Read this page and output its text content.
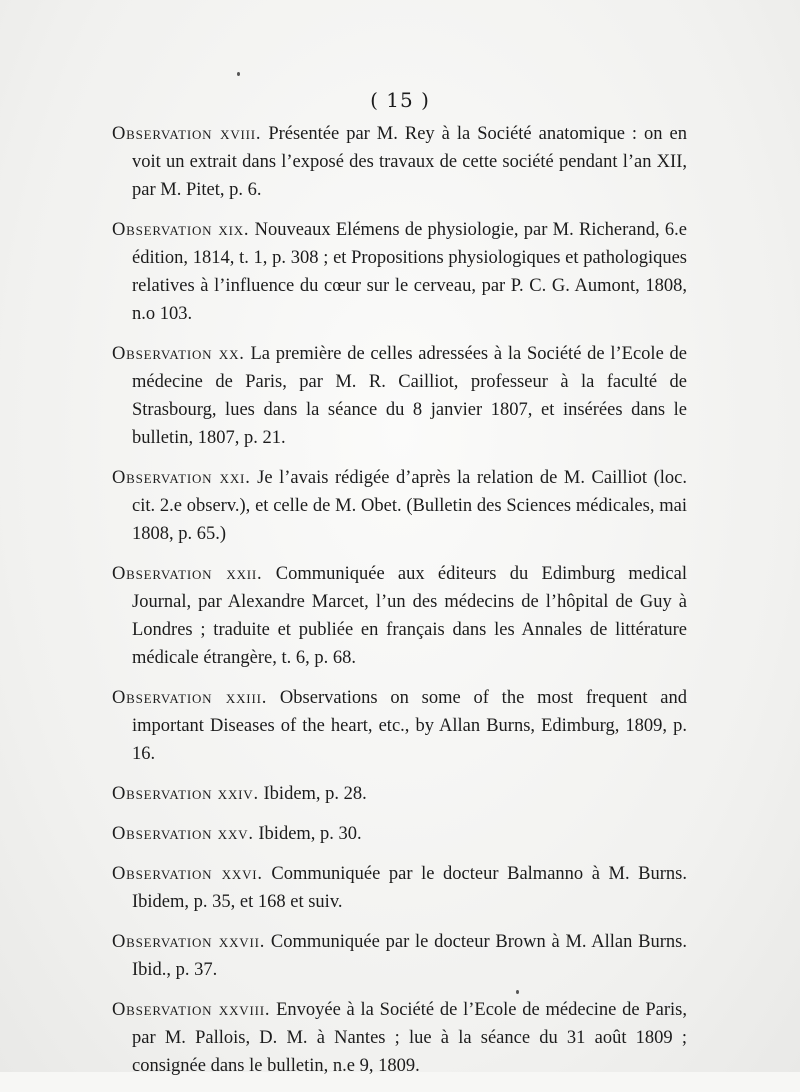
( 15 )

Observation xviii. Présentée par M. Rey à la Société anatomique : on en voit un extrait dans l’exposé des travaux de cette société pendant l’an XII, par M. Pitet, p. 6.

Observation xix. Nouveaux Elémens de physiologie, par M. Richerand, 6.e édition, 1814, t. 1, p. 308 ; et Propositions physiologiques et pathologiques relatives à l’influence du cœur sur le cerveau, par P. C. G. Aumont, 1808, n.o 103.

Observation xx. La première de celles adressées à la Société de l’Ecole de médecine de Paris, par M. R. Cailliot, professeur à la faculté de Strasbourg, lues dans la séance du 8 janvier 1807, et insérées dans le bulletin, 1807, p. 21.

Observation xxi. Je l’avais rédigée d’après la relation de M. Cailliot (loc. cit. 2.e observ.), et celle de M. Obet. (Bulletin des Sciences médicales, mai 1808, p. 65.)

Observation xxii. Communiquée aux éditeurs du Edimburg medical Journal, par Alexandre Marcet, l’un des médecins de l’hôpital de Guy à Londres ; traduite et publiée en français dans les Annales de littérature médicale étrangère, t. 6, p. 68.

Observation xxiii. Observations on some of the most frequent and important Diseases of the heart, etc., by Allan Burns, Edimburg, 1809, p. 16.

Observation xxiv. Ibidem, p. 28.

Observation xxv. Ibidem, p. 30.

Observation xxvi. Communiquée par le docteur Balmanno à M. Burns. Ibidem, p. 35, et 168 et suiv.

Observation xxvii. Communiquée par le docteur Brown à M. Allan Burns. Ibid., p. 37.

Observation xxviii. Envoyée à la Société de l’Ecole de médecine de Paris, par M. Pallois, D. M. à Nantes ; lue à la séance du 31 août 1809 ; consignée dans le bulletin, n.e 9, 1809.
